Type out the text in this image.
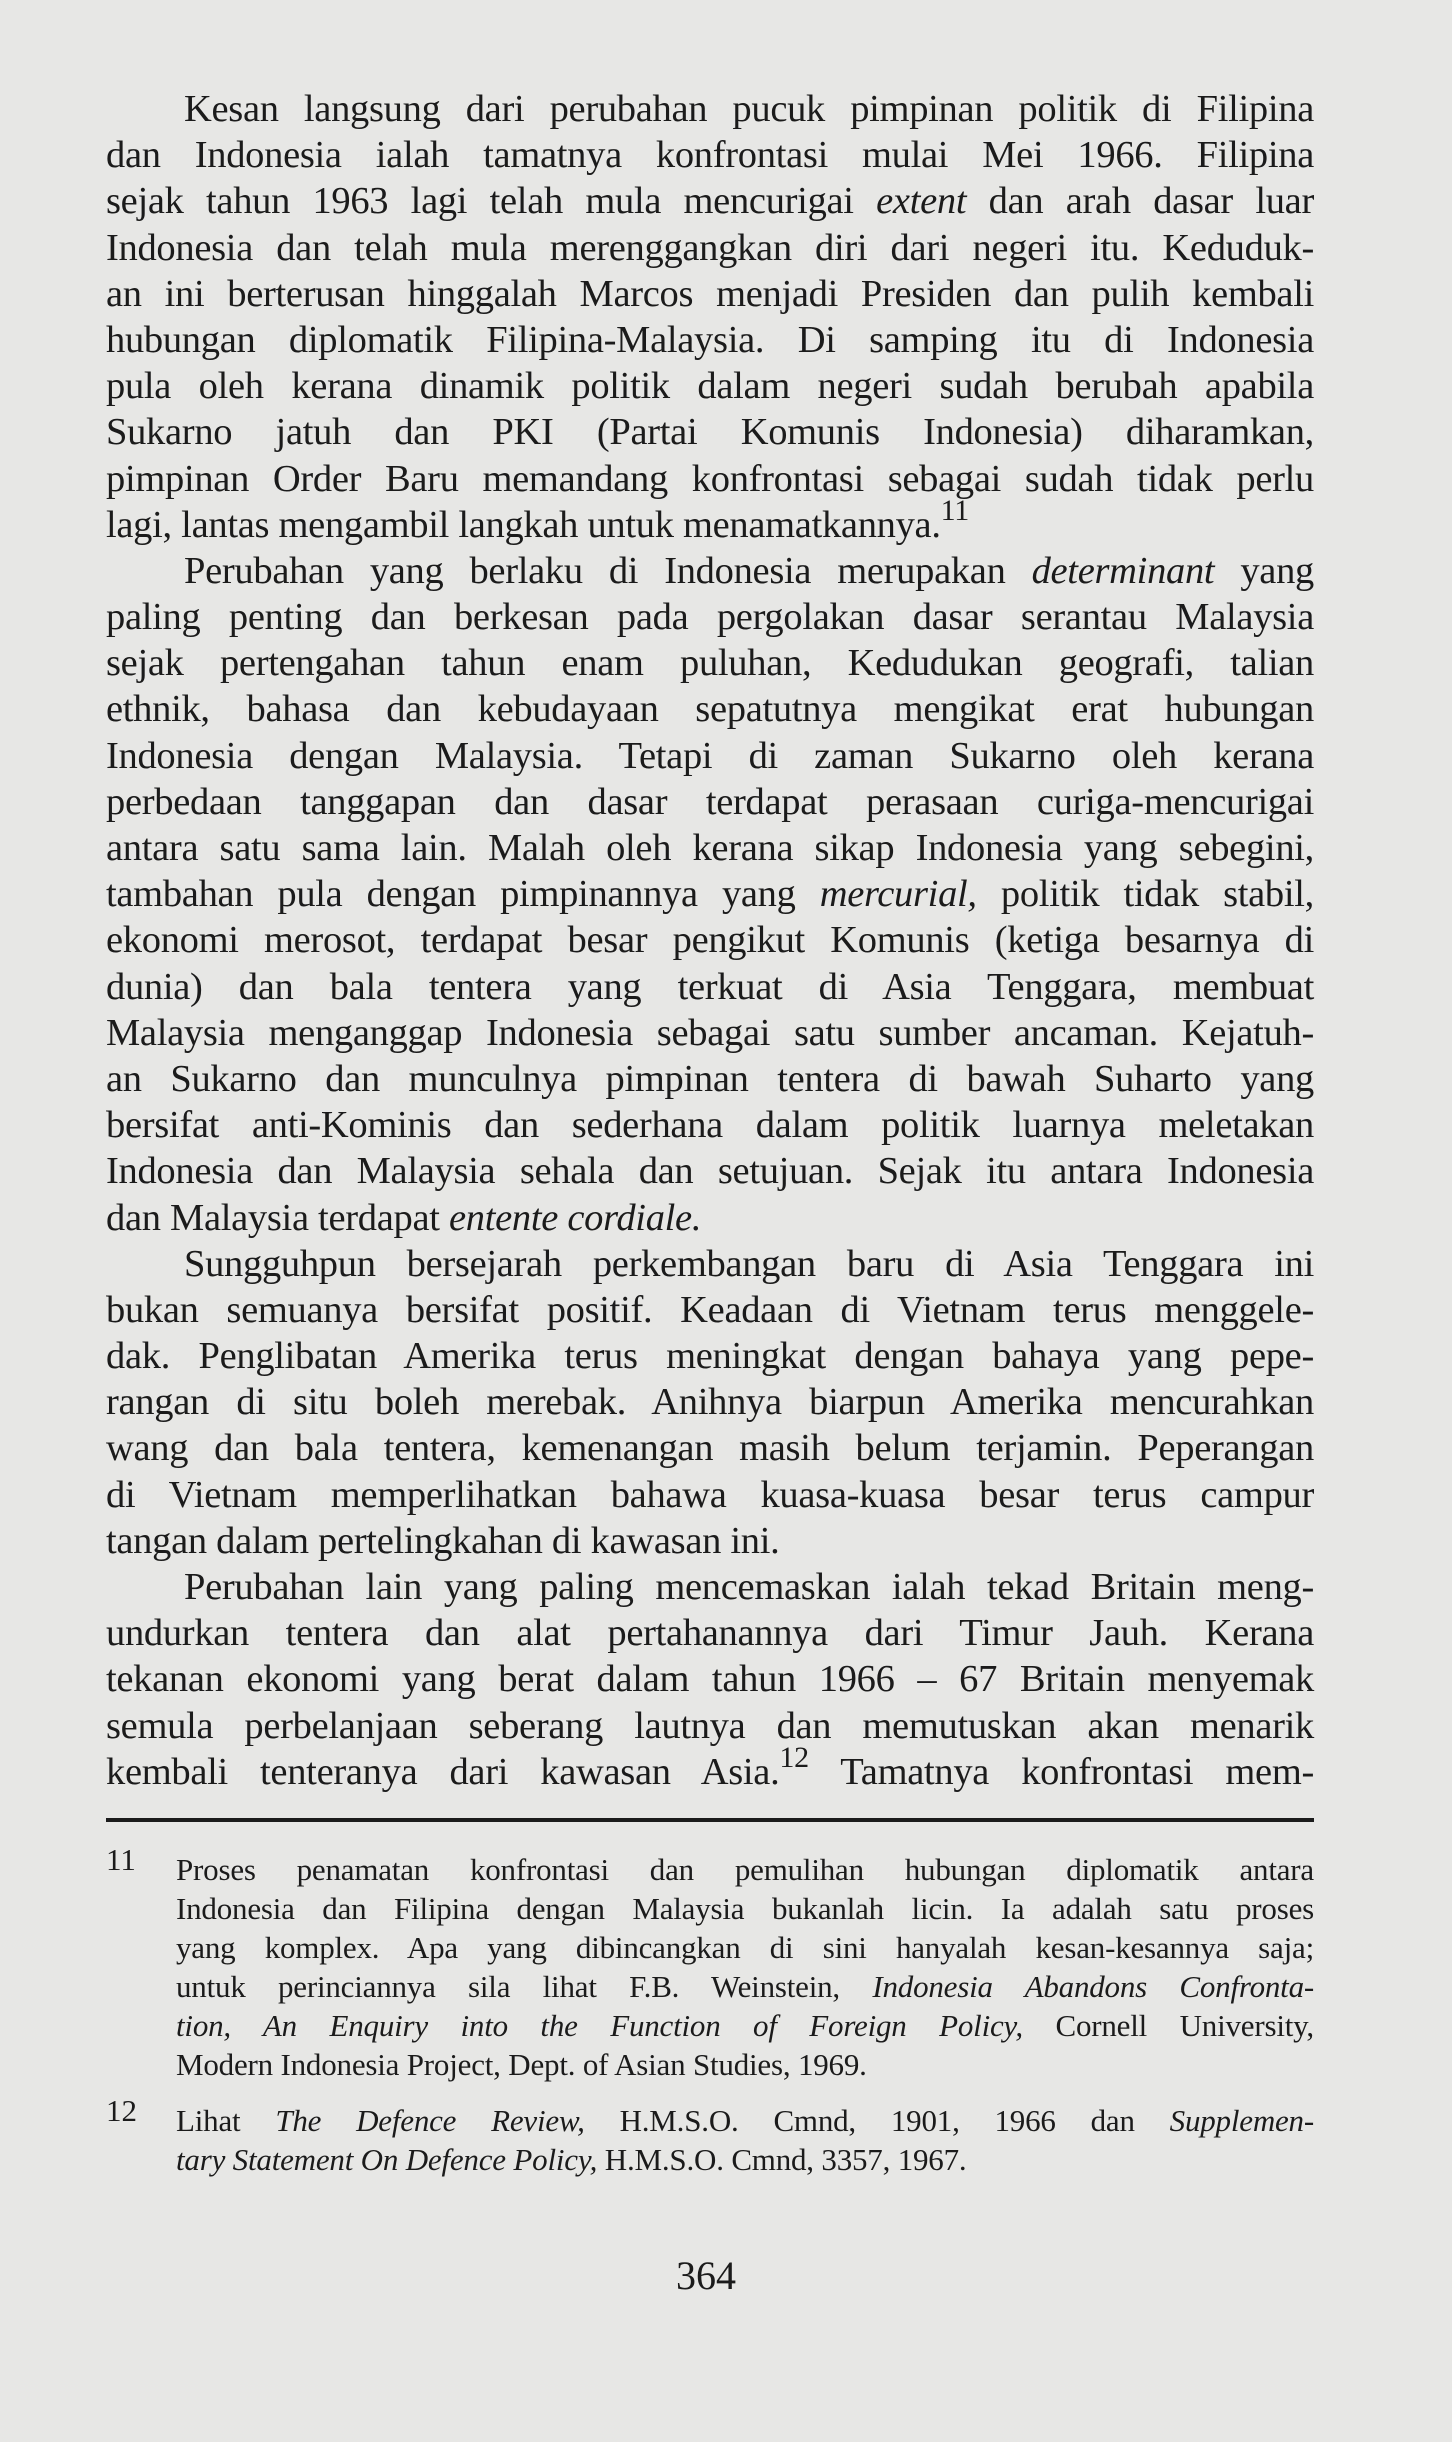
Kesan langsung dari perubahan pucuk pimpinan politik di Filipina
dan Indonesia ialah tamatnya konfrontasi mulai Mei 1966. Filipina
sejak tahun 1963 lagi telah mula mencurigai extent dan arah dasar luar
Indonesia dan telah mula merenggangkan diri dari negeri itu. Keduduk-
an ini berterusan hinggalah Marcos menjadi Presiden dan pulih kembali
hubungan diplomatik Filipina-Malaysia. Di samping itu di Indonesia
pula oleh kerana dinamik politik dalam negeri sudah berubah apabila
Sukarno jatuh dan PKI (Partai Komunis Indonesia) diharamkan,
pimpinan Order Baru memandang konfrontasi sebagai sudah tidak perlu
lagi, lantas mengambil langkah untuk menamatkannya.$^{11}$
Perubahan yang berlaku di Indonesia merupakan determinant yang
paling penting dan berkesan pada pergolakan dasar serantau Malaysia
sejak pertengahan tahun enam puluhan, Kedudukan geografi, talian
ethnik, bahasa dan kebudayaan sepatutnya mengikat erat hubungan
Indonesia dengan Malaysia. Tetapi di zaman Sukarno oleh kerana
perbedaan tanggapan dan dasar terdapat perasaan curiga-mencurigai
antara satu sama lain. Malah oleh kerana sikap Indonesia yang sebegini,
tambahan pula dengan pimpinannya yang mercurial, politik tidak stabil,
ekonomi merosot, terdapat besar pengikut Komunis (ketiga besarnya di
dunia) dan bala tentera yang terkuat di Asia Tenggara, membuat
Malaysia menganggap Indonesia sebagai satu sumber ancaman. Kejatuh-
an Sukarno dan munculnya pimpinan tentera di bawah Suharto yang
bersifat anti-Kominis dan sederhana dalam politik luarnya meletakan
Indonesia dan Malaysia sehala dan setujuan. Sejak itu antara Indonesia
dan Malaysia terdapat entente cordiale.
Sungguhpun bersejarah perkembangan baru di Asia Tenggara ini
bukan semuanya bersifat positif. Keadaan di Vietnam terus menggele-
dak. Penglibatan Amerika terus meningkat dengan bahaya yang pepe-
rangan di situ boleh merebak. Anihnya biarpun Amerika mencurahkan
wang dan bala tentera, kemenangan masih belum terjamin. Peperangan
di Vietnam memperlihatkan bahawa kuasa-kuasa besar terus campur
tangan dalam pertelingkahan di kawasan ini.
Perubahan lain yang paling mencemaskan ialah tekad Britain meng-
undurkan tentera dan alat pertahanannya dari Timur Jauh. Kerana
tekanan ekonomi yang berat dalam tahun 1966 – 67 Britain menyemak
semula perbelanjaan seberang lautnya dan memutuskan akan menarik
kembali tenteranya dari kawasan Asia.$^{12}$ Tamatnya konfrontasi mem-
11 Proses penamatan konfrontasi dan pemulihan hubungan diplomatik antara
Indonesia dan Filipina dengan Malaysia bukanlah licin. Ia adalah satu proses
yang komplex. Apa yang dibincangkan di sini hanyalah kesan-kesannya saja;
untuk perinciannya sila lihat F.B. Weinstein, Indonesia Abandons Confronta-
tion, An Enquiry into the Function of Foreign Policy, Cornell University,
Modern Indonesia Project, Dept. of Asian Studies, 1969.
12 Lihat The Defence Review, H.M.S.O. Cmnd, 1901, 1966 dan Supplemen-
tary Statement On Defence Policy, H.M.S.O. Cmnd, 3357, 1967.
364
